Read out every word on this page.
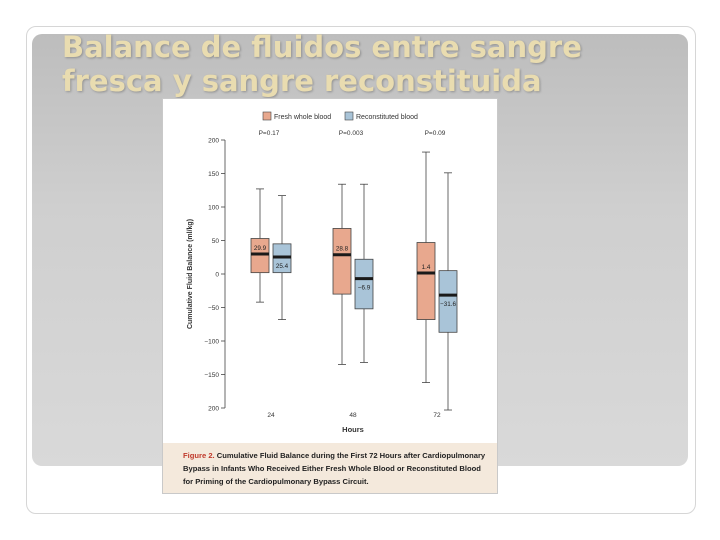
Balance de fluidos entre sangre
fresca y sangre reconstituida
Fresh whole blood	Reconstituted blood
P=0.17	P=0.003	P=0.09
200
150
100
50
0
−50
−100
−150
200
Cumulative Fluid Balance (ml/kg)	29.9	28.8
1.4
25.4
−6.9
−31.6
24	48	72
Hours
Figure 2. Cumulative Fluid Balance during the First 72 Hours after Cardiopulmonary Bypass in Infants Who Received Either Fresh Whole Blood or Reconstituted Blood for Priming of the Cardiopulmonary Bypass Circuit.
